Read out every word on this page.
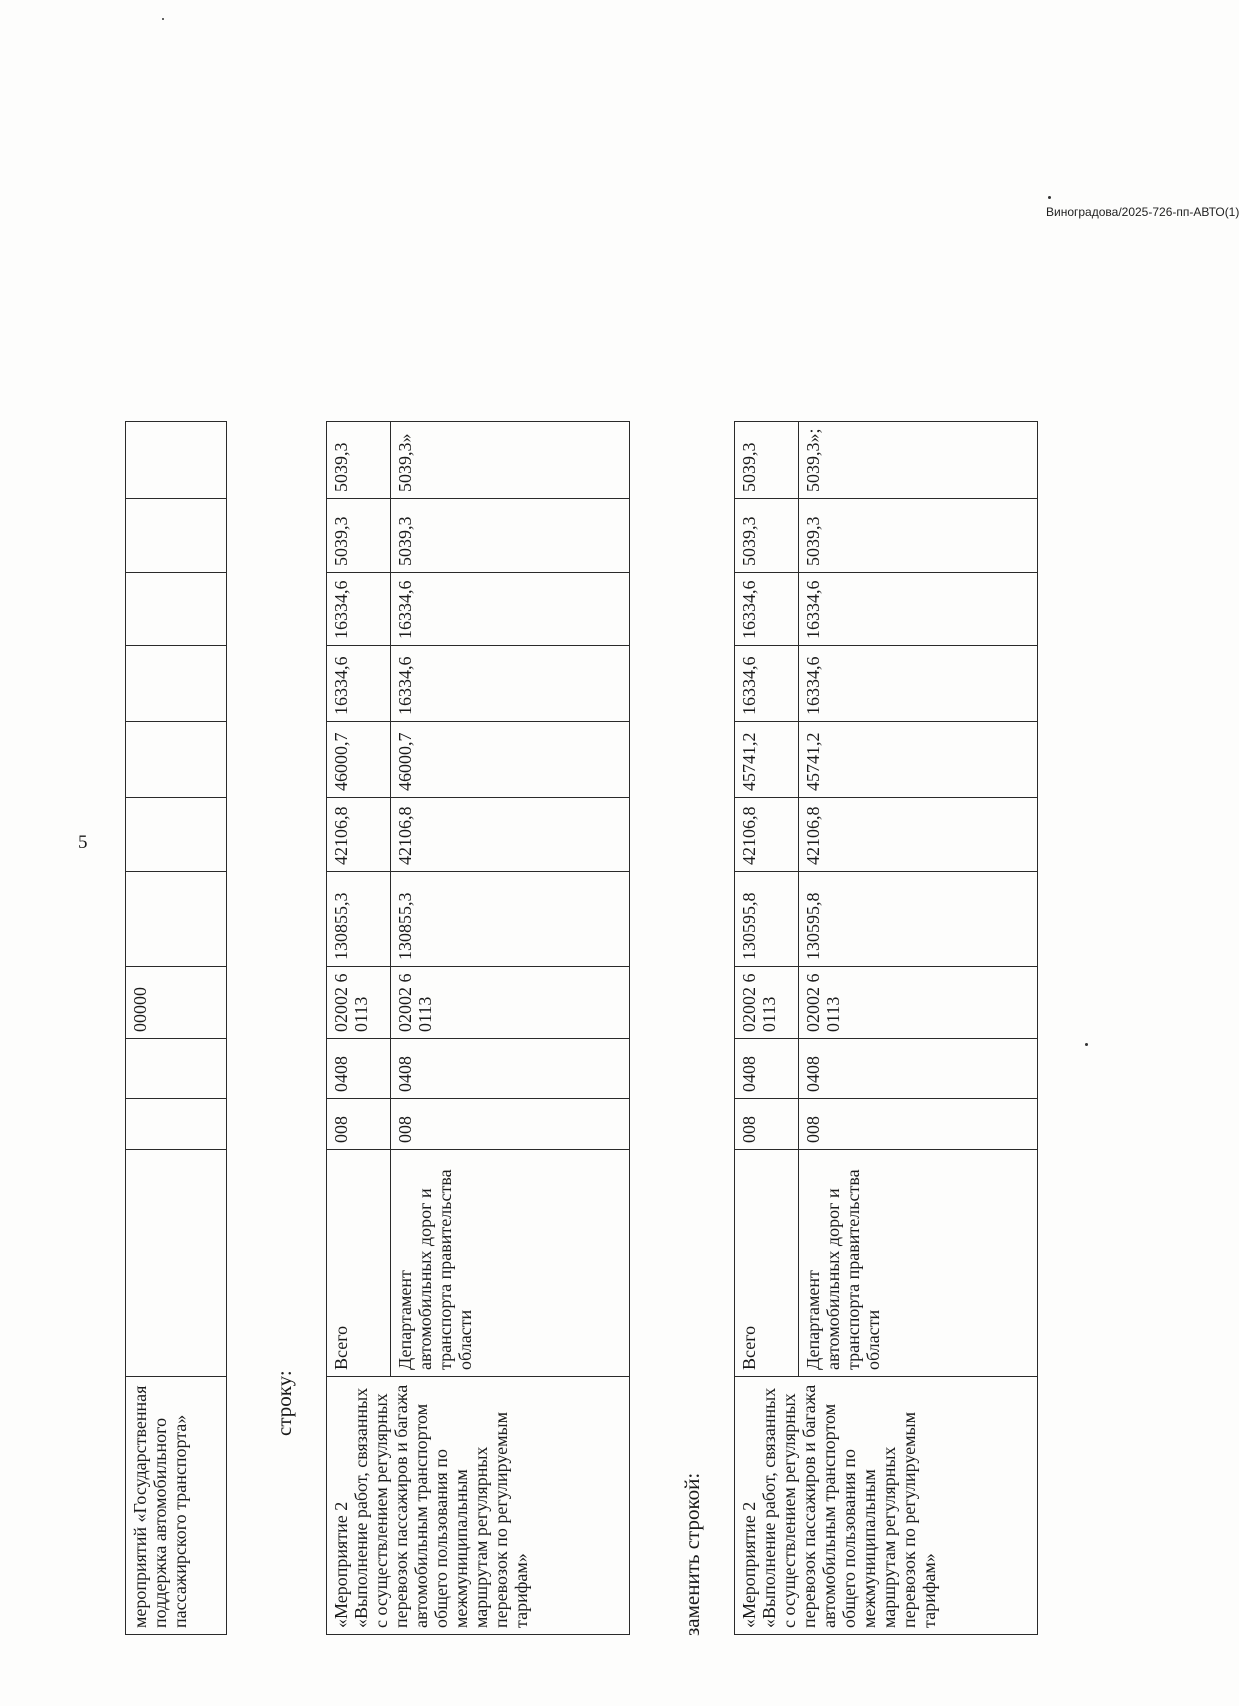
5
Виноградова/2025-726-пп-АВТО(1)
мероприятий «Государственная поддержка автомобильного пассажирского транспорта»				00000							
строку:
«Мероприятие 2
«Выполнение работ, связанных с осуществлением регулярных перевозок пассажиров и багажа автомобильным транспортом общего пользования по межмуниципальным маршрутам регулярных перевозок по регулируемым тарифам»	Всего	008	0408	02002 60113	130855,3	42106,8	46000,7	16334,6	16334,6	5039,3	5039,3
	Департамент автомобильных дорог и транспорта правительства области	008	0408	02002 60113	130855,3	42106,8	46000,7	16334,6	16334,6	5039,3	5039,3»
заменить строкой: «Мероприятие 2
«Выполнение работ, связанных с осуществлением регулярных перевозок пассажиров и багажа автомобильным транспортом общего пользования по межмуниципальным маршрутам регулярных перевозок по регулируемым тарифам»	Всего	008	0408	02002 60113	130595,8	42106,8	45741,2	16334,6	16334,6	5039,3	5039,3
	Департамент автомобильных дорог и транспорта правительства области	008	0408	02002 60113	130595,8	42106,8	45741,2	16334,6	16334,6	5039,3	5039,3»;
